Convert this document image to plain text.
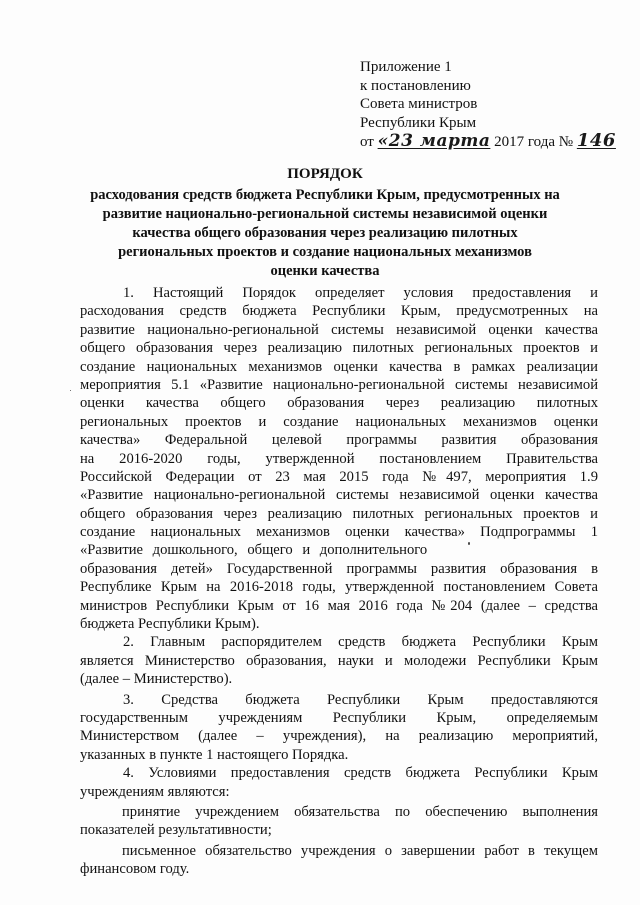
Приложение 1
к постановлению
Совета министров
Республики Крым
от «23 марта 2017 года № 146
ПОРЯДОК
расходования средств бюджета Республики Крым, предусмотренных на
развитие национально-региональной системы независимой оценки
качества общего образования через реализацию пилотных
региональных проектов и создание национальных механизмов
оценки качества
1. Настоящий Порядок определяет условия предоставления и
расходования средств бюджета Республики Крым, предусмотренных на
развитие национально-региональной системы независимой оценки качества
общего образования через реализацию пилотных региональных проектов и
создание национальных механизмов оценки качества в рамках реализации
мероприятия 5.1 «Развитие национально-региональной системы независимой
оценки качества общего образования через реализацию пилотных
региональных проектов и создание национальных механизмов оценки
качества» Федеральной целевой программы развития образования
на 2016-2020 годы, утвержденной постановлением Правительства
Российской Федерации от 23 мая 2015 года №497, мероприятия 1.9
«Развитие национально-региональной системы независимой оценки качества
общего образования через реализацию пилотных региональных проектов и
создание национальных механизмов оценки качества» Подпрограммы 1
«Развитие дошкольного, общего и дополнительного
образования детей» Государственной программы развития образования в
Республике Крым на 2016-2018 годы, утвержденной постановлением Совета
министров Республики Крым от 16 мая 2016 года №204 (далее – средства
бюджета Республики Крым).
2. Главным распорядителем средств бюджета Республики Крым
является Министерство образования, науки и молодежи Республики Крым
(далее – Министерство).
3. Средства бюджета Республики Крым предоставляются
государственным учреждениям Республики Крым, определяемым
Министерством (далее – учреждения), на реализацию мероприятий,
указанных в пункте 1 настоящего Порядка.
4. Условиями предоставления средств бюджета Республики Крым
учреждениям являются:
принятие учреждением обязательства по обеспечению выполнения
показателей результативности;
письменное обязательство учреждения о завершении работ в текущем
финансовом году.
